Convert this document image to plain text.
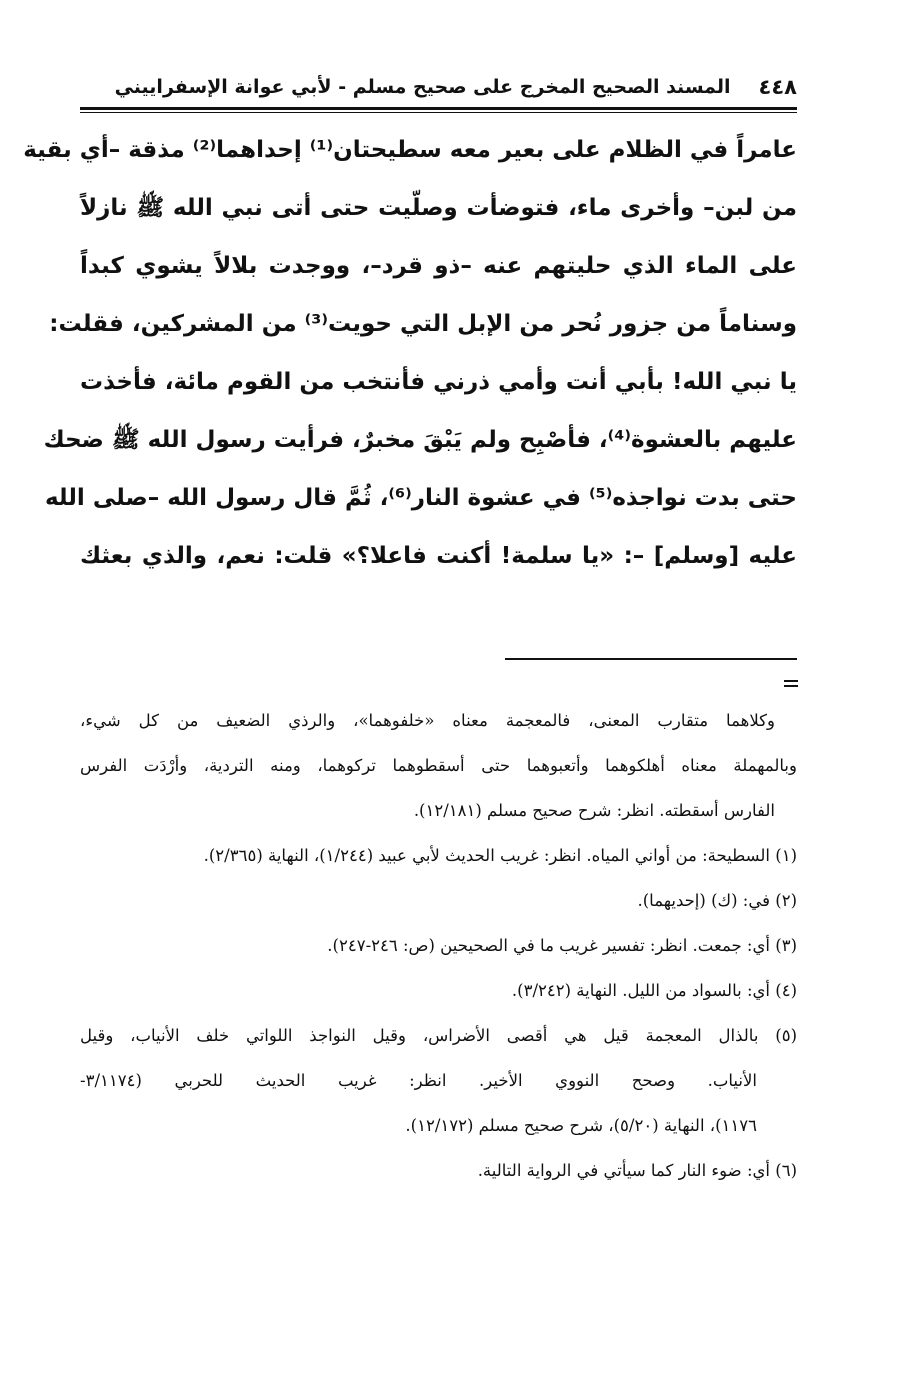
٤٤٨
المسند الصحيح المخرج على صحيح مسلم - لأبي عوانة الإسفراييني
عامراً في الظلام على بعير معه سطيحتان⁽¹⁾ إحداهما⁽²⁾ مذقة –أي بقية
من لبن– وأخرى ماء، فتوضأت وصلّيت حتى أتى نبي الله ﷺ نازلاً
على الماء الذي حليتهم عنه –ذو قرد–، ووجدت بلالاً يشوي كبداً
وسناماً من جزور نُحر من الإبل التي حويت⁽³⁾ من المشركين، فقلت:
يا نبي الله! بأبي أنت وأمي ذرني فأنتخب من القوم مائة، فأخذت
عليهم بالعشوة⁽⁴⁾، فأصْبِح ولم يَبْقَ مخبرٌ، فرأيت رسول الله ﷺ ضحك
حتى بدت نواجذه⁽⁵⁾ في عشوة النار⁽⁶⁾، ثُمَّ قال رسول الله –صلى الله
عليه [وسلم] –: «يا سلمة! أكنت فاعلا؟» قلت: نعم، والذي بعثك
وكلاهما متقارب المعنى، فالمعجمة معناه «خلفوهما»، والرذي الضعيف من كل شيء،
وبالمهملة معناه أهلكوهما وأتعبوهما حتى أسقطوهما تركوهما، ومنه التردية، وأرْدَت الفرس
الفارس أسقطته. انظر: شرح صحيح مسلم (١٢/١٨١).
(١) السطيحة: من أواني المياه. انظر: غريب الحديث لأبي عبيد (١/٢٤٤)، النهاية (٢/٣٦٥).
(٢) في: (ك) (إحديهما).
(٣) أي: جمعت. انظر: تفسير غريب ما في الصحيحين (ص: ٢٤٦-٢٤٧).
(٤) أي: بالسواد من الليل. النهاية (٣/٢٤٢).
(٥) بالذال المعجمة قيل هي أقصى الأضراس، وقيل النواجذ اللواتي خلف الأنياب، وقيل
الأنياب. وصحح النووي الأخير. انظر: غريب الحديث للحربي (٣/١١٧٤-
١١٧٦)، النهاية (٥/٢٠)، شرح صحيح مسلم (١٢/١٧٢).
(٦) أي: ضوء النار كما سيأتي في الرواية التالية.
